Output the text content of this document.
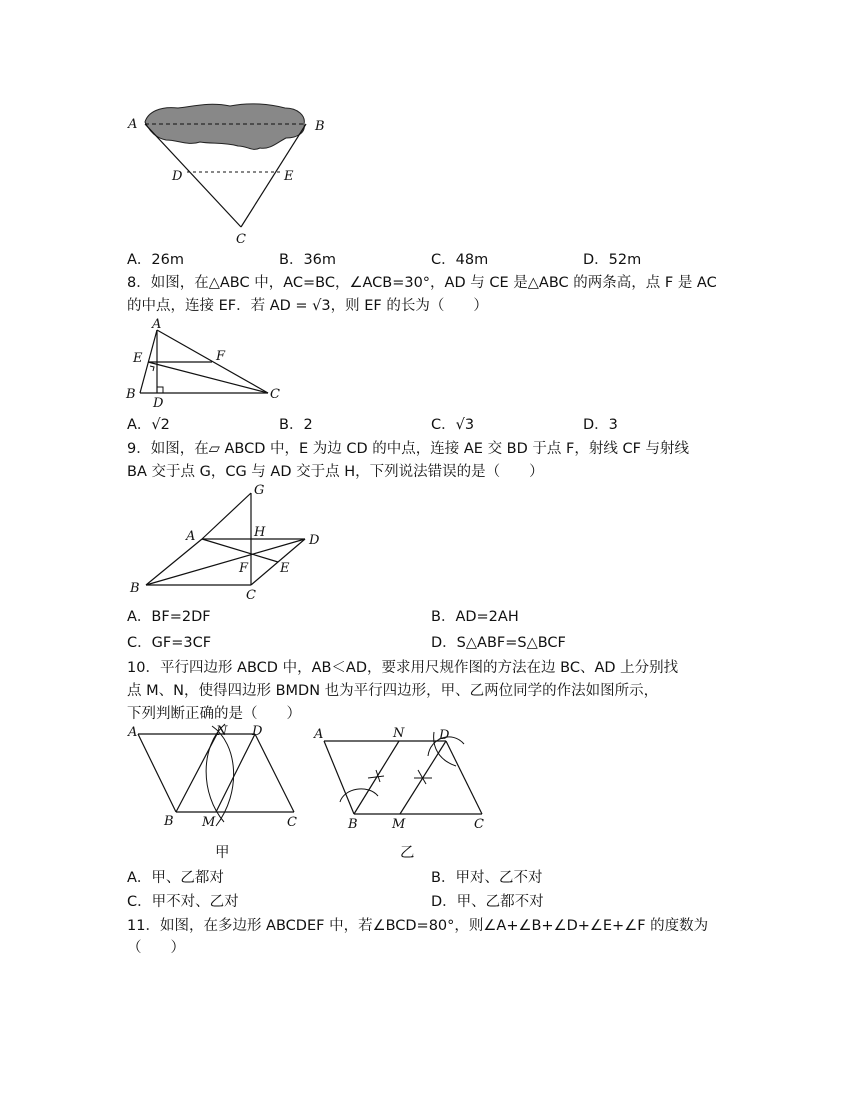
A	B
D	E
C
A．26m	B．36m	C．48m	D．52m
8．如图，在△ABC 中，AC=BC，∠ACB=30°，AD 与 CE 是△ABC 的两条高，点 F 是 AC
的中点，连接 EF．若 AD = √3，则 EF 的长为（　　）
A
E	F
B
D
C
A．√2	B．2	C．√3	D．3
9．如图，在▱ ABCD 中，E 为边 CD 的中点，连接 AE 交 BD 于点 F，射线 CF 与射线
BA 交于点 G，CG 与 AD 交于点 H，下列说法错误的是（　　）
G
A	H
D
F E
B	C
A．BF=2DF	B．AD=2AH
C．GF=3CF	D．S△ABF=S△BCF
10．平行四边形 ABCD 中，AB＜AD，要求用尺规作图的方法在边 BC、AD 上分别找
点 M、N，使得四边形 BMDN 也为平行四边形，甲、乙两位同学的作法如图所示，
下列判断正确的是（　　）
A	N D
B M	C
A	N	D
B	M	C
甲	乙
A．甲、乙都对	B．甲对、乙不对
C．甲不对、乙对	D．甲、乙都不对
11．如图，在多边形 ABCDEF 中，若∠BCD=80°，则∠A+∠B+∠D+∠E+∠F 的度数为
（　　）
